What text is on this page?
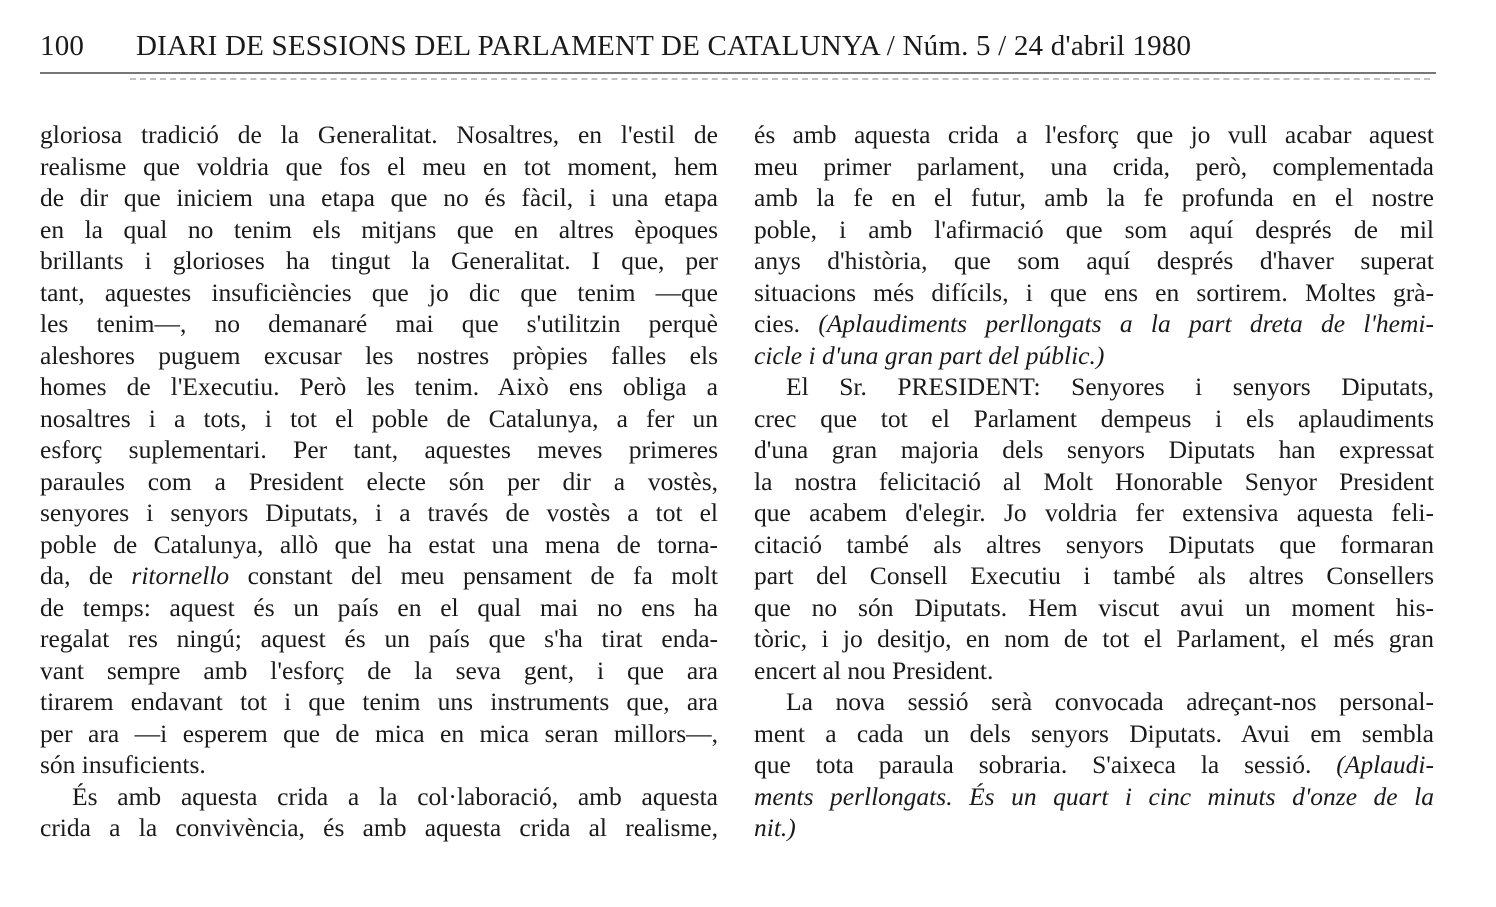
100 DIARI DE SESSIONS DEL PARLAMENT DE CATALUNYA / Núm. 5 / 24 d'abril 1980
gloriosa tradició de la Generalitat. Nosaltres, en l'estil de
realisme que voldria que fos el meu en tot moment, hem
de dir que iniciem una etapa que no és fàcil, i una etapa
en la qual no tenim els mitjans que en altres èpoques
brillants i glorioses ha tingut la Generalitat. I que, per
tant, aquestes insuficiències que jo dic que tenim —que
les tenim—, no demanaré mai que s'utilitzin perquè
aleshores puguem excusar les nostres pròpies falles els
homes de l'Executiu. Però les tenim. Això ens obliga a
nosaltres i a tots, i tot el poble de Catalunya, a fer un
esforç suplementari. Per tant, aquestes meves primeres
paraules com a President electe són per dir a vostès,
senyores i senyors Diputats, i a través de vostès a tot el
poble de Catalunya, allò que ha estat una mena de torna-
da, de ritornello constant del meu pensament de fa molt
de temps: aquest és un país en el qual mai no ens ha
regalat res ningú; aquest és un país que s'ha tirat enda-
vant sempre amb l'esforç de la seva gent, i que ara
tirarem endavant tot i que tenim uns instruments que, ara
per ara —i esperem que de mica en mica seran millors—,
són insuficients.
És amb aquesta crida a la col·laboració, amb aquesta
crida a la convivència, és amb aquesta crida al realisme,
és amb aquesta crida a l'esforç que jo vull acabar aquest
meu primer parlament, una crida, però, complementada
amb la fe en el futur, amb la fe profunda en el nostre
poble, i amb l'afirmació que som aquí després de mil
anys d'història, que som aquí després d'haver superat
situacions més difícils, i que ens en sortirem. Moltes grà-
cies. (Aplaudiments perllongats a la part dreta de l'hemi-
cicle i d'una gran part del públic.)
El Sr. PRESIDENT: Senyores i senyors Diputats,
crec que tot el Parlament dempeus i els aplaudiments
d'una gran majoria dels senyors Diputats han expressat
la nostra felicitació al Molt Honorable Senyor President
que acabem d'elegir. Jo voldria fer extensiva aquesta feli-
citació també als altres senyors Diputats que formaran
part del Consell Executiu i també als altres Consellers
que no són Diputats. Hem viscut avui un moment his-
tòric, i jo desitjo, en nom de tot el Parlament, el més gran
encert al nou President.
La nova sessió serà convocada adreçant-nos personal-
ment a cada un dels senyors Diputats. Avui em sembla
que tota paraula sobraria. S'aixeca la sessió. (Aplaudi-
ments perllongats. És un quart i cinc minuts d'onze de la
nit.)
